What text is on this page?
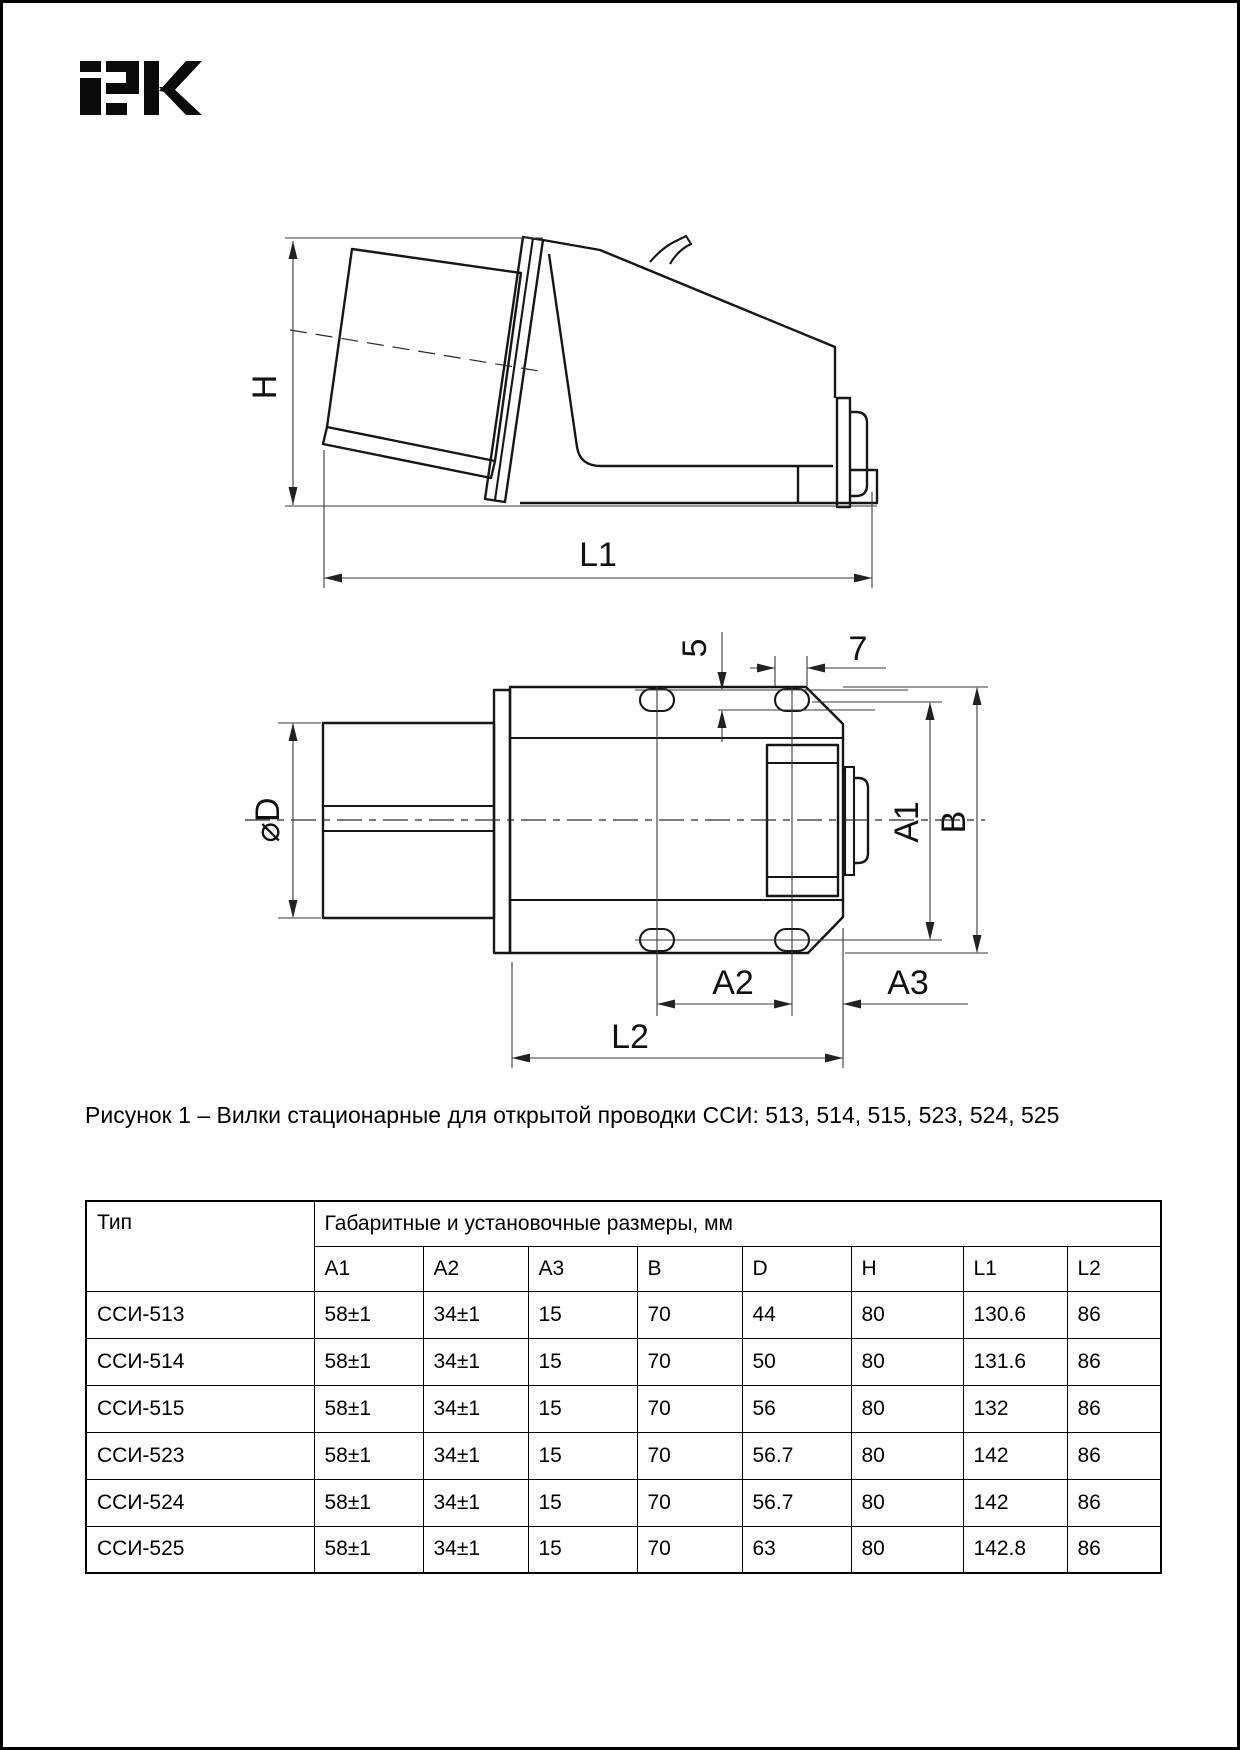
H
L1
⌀D
5	7
A1 B
A2	A3
L2
Рисунок 1 – Вилки стационарные для открытой проводки ССИ: 513, 514, 515, 523, 524, 525
Тип	Габаритные и установочные размеры, мм							
	A1	A2	A3	B	D	H	L1	L2
ССИ-513	58±1	34±1	15	70	44	80	130.6	86
ССИ-514	58±1	34±1	15	70	50	80	131.6	86
ССИ-515	58±1	34±1	15	70	56	80	132	86
ССИ-523	58±1	34±1	15	70	56.7	80	142	86
ССИ-524	58±1	34±1	15	70	56.7	80	142	86
ССИ-525	58±1	34±1	15	70	63	80	142.8	86
